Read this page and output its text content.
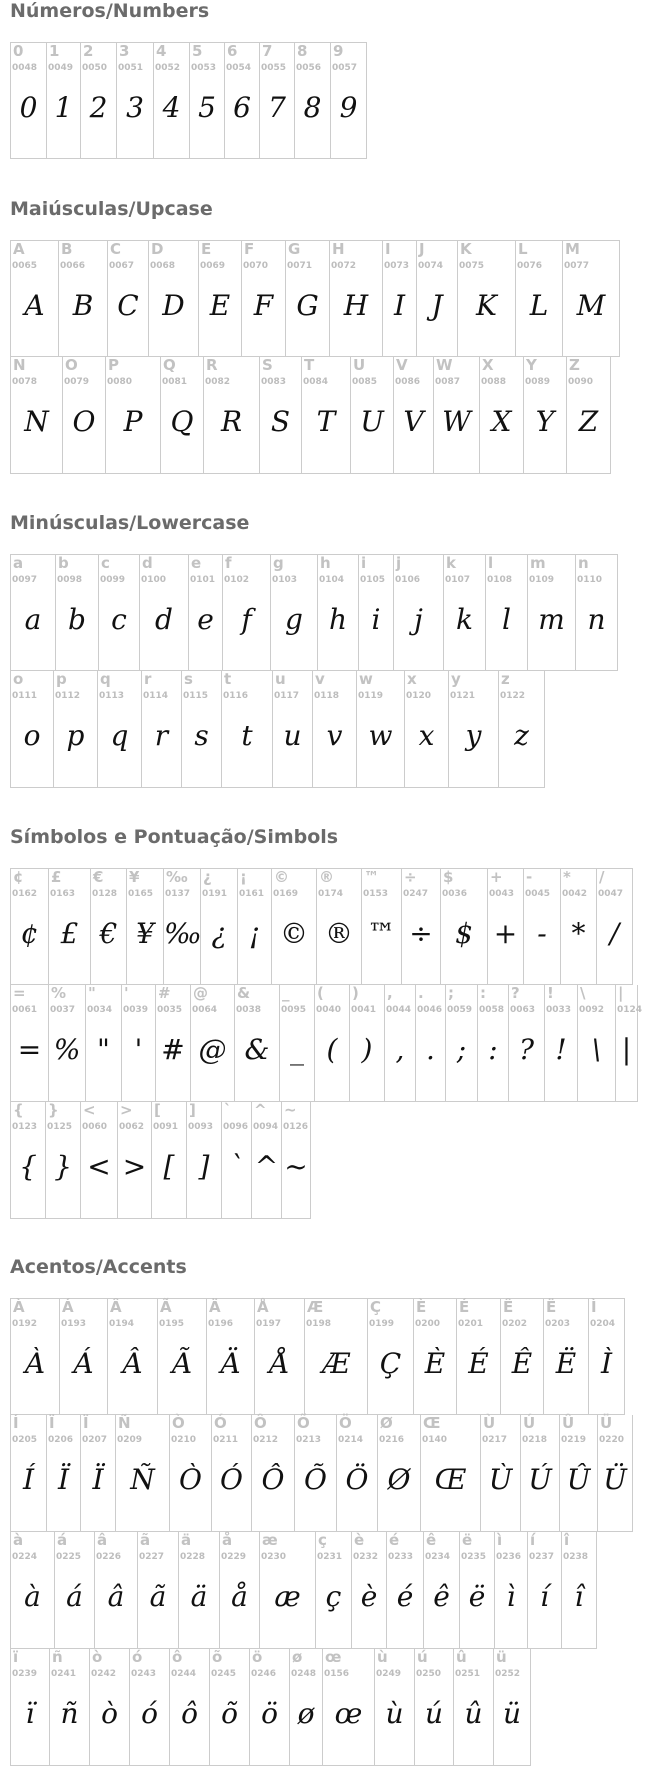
Números/Numbers
0
0048
0
1
0049
1
2
0050
2
3
0051
3
4
0052
4
5
0053
5
6
0054
6
7
0055
7
8
0056
8
9
0057
9
Maiúsculas/Upcase
A
0065
A
B
0066
B
C
0067
C
D
0068
D
E
0069
E
F
0070
F
G
0071
G
H
0072
H
I
0073
I
J
0074
J
K
0075
K
L
0076
L
M
0077
M
N
0078
N
O
0079
O
P
0080
P
Q
0081
Q
R
0082
R
S
0083
S
T
0084
T
U
0085
U
V
0086
V
W
0087
W
X
0088
X
Y
0089
Y
Z
0090
Z
Minúsculas/Lowercase
a
0097
a
b
0098
b
c
0099
c
d
0100
d
e
0101
e
f
0102
f
g
0103
g
h
0104
h
i
0105
i
j
0106
j
k
0107
k
l
0108
l
m
0109
m
n
0110
n
o
0111
o
p
0112
p
q
0113
q
r
0114
r
s
0115
s
t
0116
t
u
0117
u
v
0118
v
w
0119
w
x
0120
x
y
0121
y
z
0122
z
Símbolos e Pontuação/Simbols
¢
0162
¢
£
0163
£
€
0128
€
¥
0165
¥
‰
0137
‰
¿
0191
¿
¡
0161
¡
©
0169
©
®
0174
®
™
0153
™
÷
0247
÷
$
0036
$
+
0043
+
-
0045
-
*
0042
*
/
0047
/
=
0061
=
%
0037
%
"
0034
"
'
0039
'
#
0035
#
@
0064
@
&
0038
&
_
0095
_
(
0040
(
)
0041
)
,
0044
,
.
0046
.
;
0059
;
:
0058
:
?
0063
?
!
0033
!
\
0092
\
|
0124
|
{
0123
{
}
0125
}
<
0060
<
>
0062
>
[
0091
[
]
0093
]
`
0096
`
^
0094
^
~
0126
~
Acentos/Accents
À
0192
À
Á
0193
Á
Â
0194
Â
Ã
0195
Ã
Ä
0196
Ä
Å
0197
Å
Æ
0198
Æ
Ç
0199
Ç
È
0200
È
É
0201
É
Ê
0202
Ê
Ë
0203
Ë
Ì
0204
Ì
Í
0205
Í
Ï
0206
Ï
Ï
0207
Ï
Ñ
0209
Ñ
Ò
0210
Ò
Ó
0211
Ó
Ô
0212
Ô
Õ
0213
Õ
Ö
0214
Ö
Ø
0216
Ø
Œ
0140
Œ
Ù
0217
Ù
Ú
0218
Ú
Û
0219
Û
Ü
0220
Ü
à
0224
à
á
0225
á
â
0226
â
ã
0227
ã
ä
0228
ä
å
0229
å
æ
0230
æ
ç
0231
ç
è
0232
è
é
0233
é
ê
0234
ê
ë
0235
ë
ì
0236
ì
í
0237
í
î
0238
î
ï
0239
ï
ñ
0241
ñ
ò
0242
ò
ó
0243
ó
ô
0244
ô
õ
0245
õ
ö
0246
ö
ø
0248
ø
œ
0156
œ
ù
0249
ù
ú
0250
ú
û
0251
û
ü
0252
ü
